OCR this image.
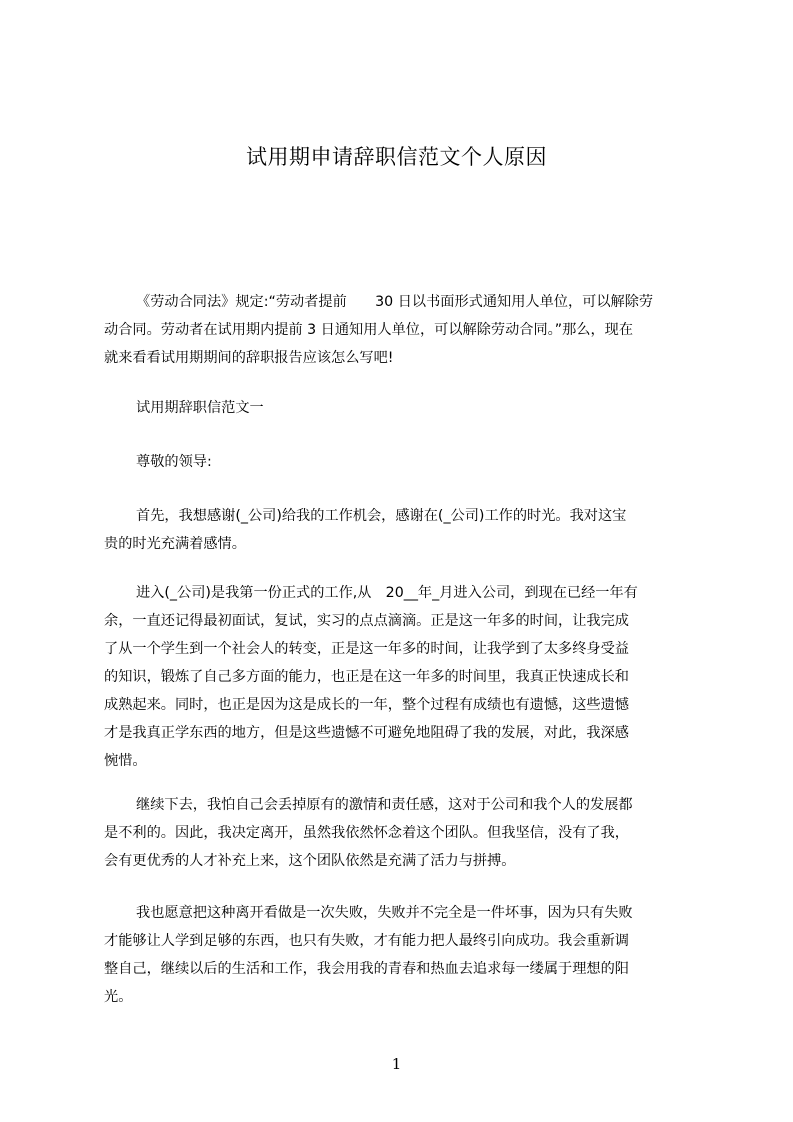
试用期申请辞职信范文个人原因
《劳动合同法》规定:“劳动者提前　　30 日以书面形式通知用人单位，可以解除劳
动合同。劳动者在试用期内提前 3 日通知用人单位，可以解除劳动合同。”那么，现在
就来看看试用期期间的辞职报告应该怎么写吧!
试用期辞职信范文一
尊敬的领导:
首先，我想感谢(_公司)给我的工作机会，感谢在(_公司)工作的时光。我对这宝
贵的时光充满着感情。
进入(_公司)是我第一份正式的工作,从　20__年_月进入公司，到现在已经一年有
余，一直还记得最初面试，复试，实习的点点滴滴。正是这一年多的时间，让我完成
了从一个学生到一个社会人的转变，正是这一年多的时间，让我学到了太多终身受益
的知识，锻炼了自己多方面的能力，也正是在这一年多的时间里，我真正快速成长和
成熟起来。同时，也正是因为这是成长的一年，整个过程有成绩也有遗憾，这些遗憾
才是我真正学东西的地方，但是这些遗憾不可避免地阻碍了我的发展，对此，我深感
惋惜。
继续下去，我怕自己会丢掉原有的激情和责任感，这对于公司和我个人的发展都
是不利的。因此，我决定离开，虽然我依然怀念着这个团队。但我坚信，没有了我，
会有更优秀的人才补充上来，这个团队依然是充满了活力与拼搏。
我也愿意把这种离开看做是一次失败，失败并不完全是一件坏事，因为只有失败
才能够让人学到足够的东西，也只有失败，才有能力把人最终引向成功。我会重新调
整自己，继续以后的生活和工作，我会用我的青春和热血去追求每一缕属于理想的阳
光。
1
